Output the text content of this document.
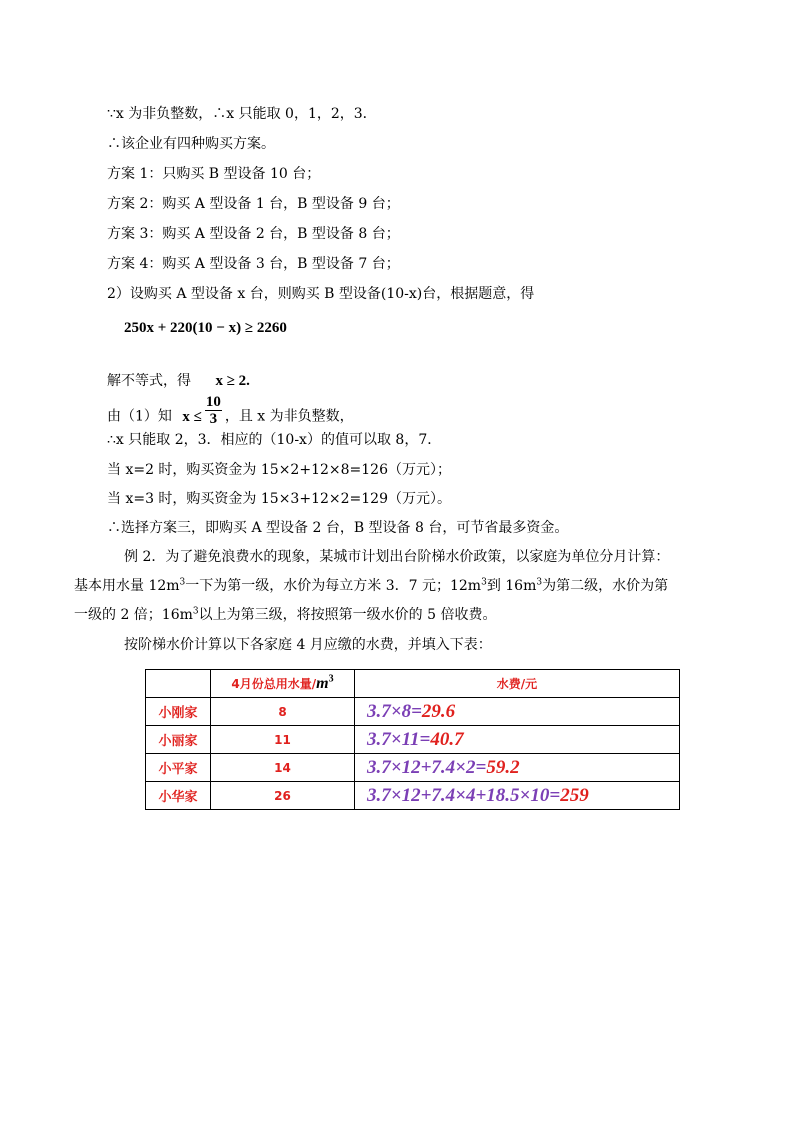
∵x 为非负整数，∴x 只能取 0，1，2，3．
∴该企业有四种购买方案。
方案 1：只购买 B 型设备 10 台；
方案 2：购买 A 型设备 1 台，B 型设备 9 台；
方案 3：购买 A 型设备 2 台，B 型设备 8 台；
方案 4：购买 A 型设备 3 台，B 型设备 7 台；
2）设购买 A 型设备 x 台，则购买 B 型设备(10-x)台，根据题意，得
250x + 220(10 − x) ≥ 2260
解不等式，得 x ≥ 2.
由（1）知 $x \le \frac{10}{3}$ ，且 x 为非负整数，
∴x 只能取 2，3．相应的（10-x）的值可以取 8，7．
当 x=2 时，购买资金为 15×2+12×8=126（万元）；
当 x=3 时，购买资金为 15×3+12×2=129（万元）。
∴选择方案三，即购买 A 型设备 2 台，B 型设备 8 台，可节省最多资金。
例 2．为了避免浪费水的现象，某城市计划出台阶梯水价政策，以家庭为单位分月计算：
基本用水量 $12m^3$一下为第一级，水价为每立方米 3．7 元；$12m^3$到 $16m^3$为第二级，水价为第
一级的 2 倍；$16m^3$以上为第三级，将按照第一级水价的 5 倍收费。
按阶梯水价计算以下各家庭 4 月应缴的水费，并填入下表：
	4月份总用水量$/m^3$	水费/元
小刚家	8	3.7×8=29.6
小丽家	11	3.7×11=40.7
小平家	14	3.7×12+7.4×2=59.2
小华家	26	3.7×12+7.4×4+18.5×10=259
